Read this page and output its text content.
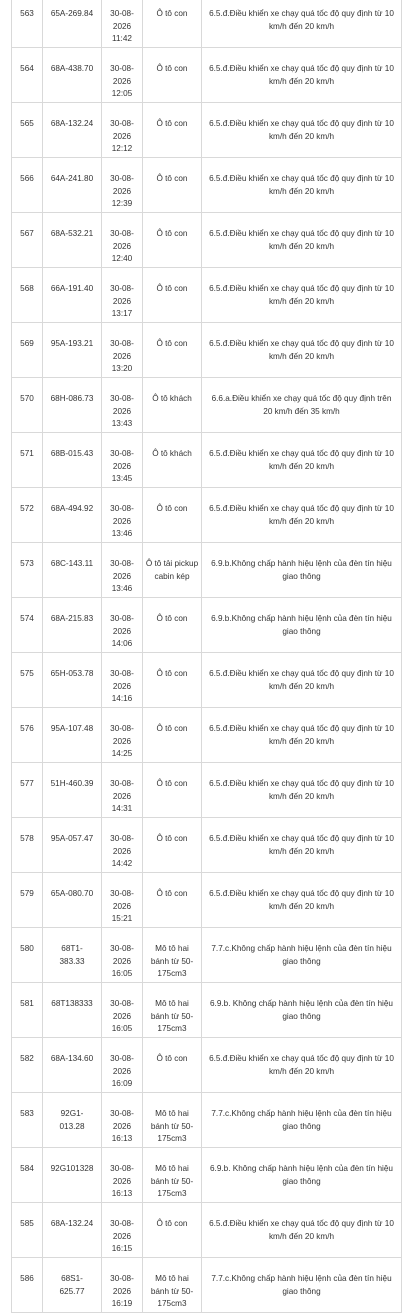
563	65A-269.84	30-08-
2026
11:42	Ô tô con	6.5.đ.Điều khiển xe chạy quá tốc độ quy định từ 10 km/h đến 20 km/h

564	68A-438.70	30-08-
2026
12:05	Ô tô con	6.5.đ.Điều khiển xe chạy quá tốc độ quy định từ 10 km/h đến 20 km/h

565	68A-132.24	30-08-
2026
12:12	Ô tô con	6.5.đ.Điều khiển xe chạy quá tốc độ quy định từ 10 km/h đến 20 km/h

566	64A-241.80	30-08-
2026
12:39	Ô tô con	6.5.đ.Điều khiển xe chạy quá tốc độ quy định từ 10 km/h đến 20 km/h

567	68A-532.21	30-08-
2026
12:40	Ô tô con	6.5.đ.Điều khiển xe chạy quá tốc độ quy định từ 10 km/h đến 20 km/h

568	66A-191.40	30-08-
2026
13:17	Ô tô con	6.5.đ.Điều khiển xe chạy quá tốc độ quy định từ 10 km/h đến 20 km/h

569	95A-193.21	30-08-
2026
13:20	Ô tô con	6.5.đ.Điều khiển xe chạy quá tốc độ quy định từ 10 km/h đến 20 km/h

570	68H-086.73	30-08-
2026
13:43	Ô tô khách	6.6.a.Điều khiển xe chạy quá tốc độ quy định trên 20 km/h đến 35 km/h

571	68B-015.43	30-08-
2026
13:45	Ô tô khách	6.5.đ.Điều khiển xe chạy quá tốc độ quy định từ 10 km/h đến 20 km/h

572	68A-494.92	30-08-
2026
13:46	Ô tô con	6.5.đ.Điều khiển xe chạy quá tốc độ quy định từ 10 km/h đến 20 km/h

573	68C-143.11	30-08-
2026
13:46	Ô tô tải pickup cabin kép	6.9.b.Không chấp hành hiệu lệnh của đèn tín hiệu giao thông

574	68A-215.83	30-08-
2026
14:06	Ô tô con	6.9.b.Không chấp hành hiệu lệnh của đèn tín hiệu giao thông

575	65H-053.78	30-08-
2026
14:16	Ô tô con	6.5.đ.Điều khiển xe chạy quá tốc độ quy định từ 10 km/h đến 20 km/h

576	95A-107.48	30-08-
2026
14:25	Ô tô con	6.5.đ.Điều khiển xe chạy quá tốc độ quy định từ 10 km/h đến 20 km/h

577	51H-460.39	30-08-
2026
14:31	Ô tô con	6.5.đ.Điều khiển xe chạy quá tốc độ quy định từ 10 km/h đến 20 km/h

578	95A-057.47	30-08-
2026
14:42	Ô tô con	6.5.đ.Điều khiển xe chạy quá tốc độ quy định từ 10 km/h đến 20 km/h

579	65A-080.70	30-08-
2026
15:21	Ô tô con	6.5.đ.Điều khiển xe chạy quá tốc độ quy định từ 10 km/h đến 20 km/h

580	68T1-
383.33	30-08-
2026
16:05	Mô tô hai bánh từ 50-175cm3	7.7.c.Không chấp hành hiệu lệnh của đèn tín hiệu giao thông

581	68T138333	30-08-
2026
16:05	Mô tô hai bánh từ 50-175cm3	6.9.b. Không chấp hành hiệu lệnh của đèn tín hiệu giao thông

582	68A-134.60	30-08-
2026
16:09	Ô tô con	6.5.đ.Điều khiển xe chạy quá tốc độ quy định từ 10 km/h đến 20 km/h

583	92G1-
013.28	30-08-
2026
16:13	Mô tô hai bánh từ 50-175cm3	7.7.c.Không chấp hành hiệu lệnh của đèn tín hiệu giao thông

584	92G101328	30-08-
2026
16:13	Mô tô hai bánh từ 50-175cm3	6.9.b. Không chấp hành hiệu lệnh của đèn tín hiệu giao thông

585	68A-132.24	30-08-
2026
16:15	Ô tô con	6.5.đ.Điều khiển xe chạy quá tốc độ quy định từ 10 km/h đến 20 km/h

586	68S1-
625.77	30-08-
2026
16:19	Mô tô hai bánh từ 50-175cm3	7.7.c.Không chấp hành hiệu lệnh của đèn tín hiệu giao thông
